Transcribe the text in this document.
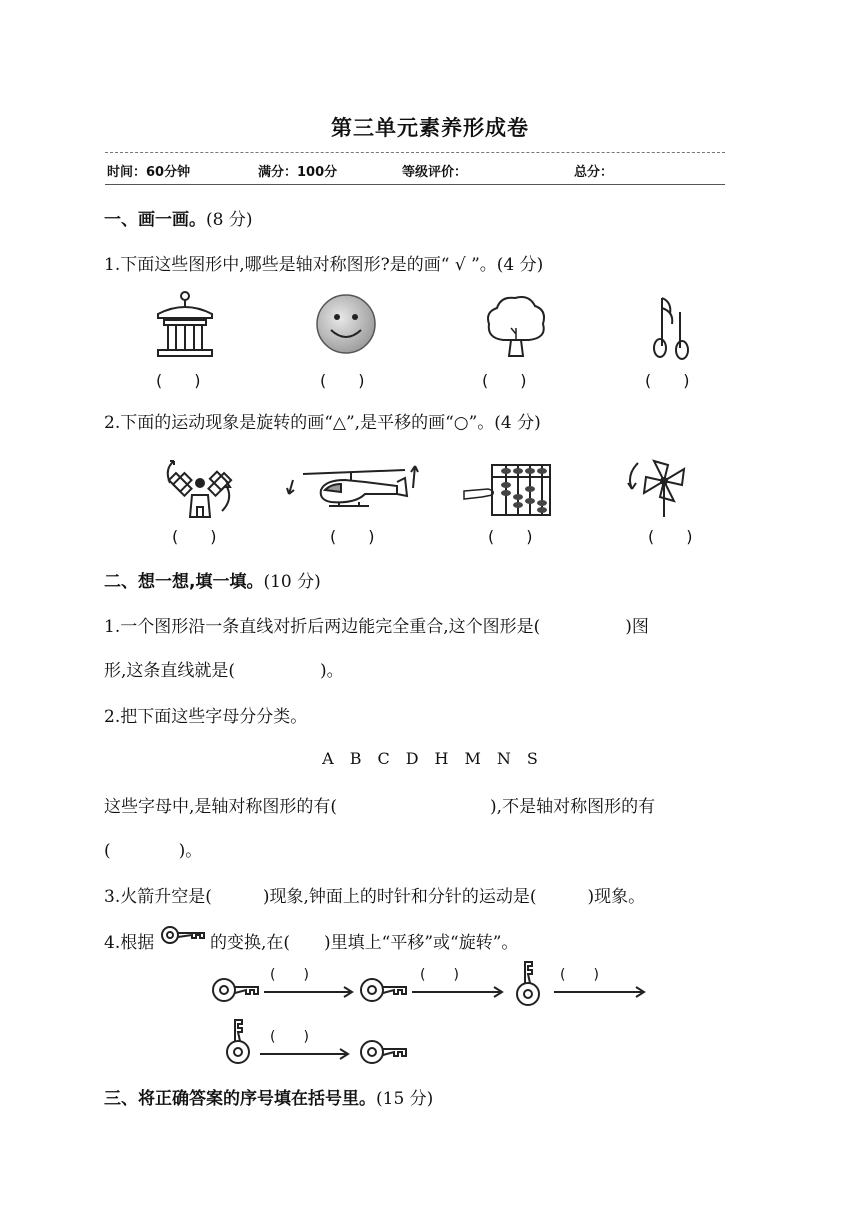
第三单元素养形成卷
时间：60分钟	满分：100分	等级评价：	总分：
一、画一画。(8 分)
1.下面这些图形中,哪些是轴对称图形?是的画“ √ ”。(4 分)
(　　)	(　　)	(　　)	(　　)
2.下面的运动现象是旋转的画“△”,是平移的画“○”。(4 分)
(　　)	(　　)	(　　)	(　　)
二、想一想,填一填。(10 分)
1.一个图形沿一条直线对折后两边能完全重合,这个图形是(　　　　　)图
形,这条直线就是(　　　　　)。
2.把下面这些字母分分类。
A　B　C　D　H　M　N　S
这些字母中,是轴对称图形的有(　　　　　　　　　),不是轴对称图形的有
(　　　　)。
3.火箭升空是(　　　)现象,钟面上的时针和分针的运动是(　　　)现象。
4.根据	的变换,在(　　)里填上“平移”或“旋转”。
(　　)	(　　)	(　　)
(　　)
三、将正确答案的序号填在括号里。(15 分)
